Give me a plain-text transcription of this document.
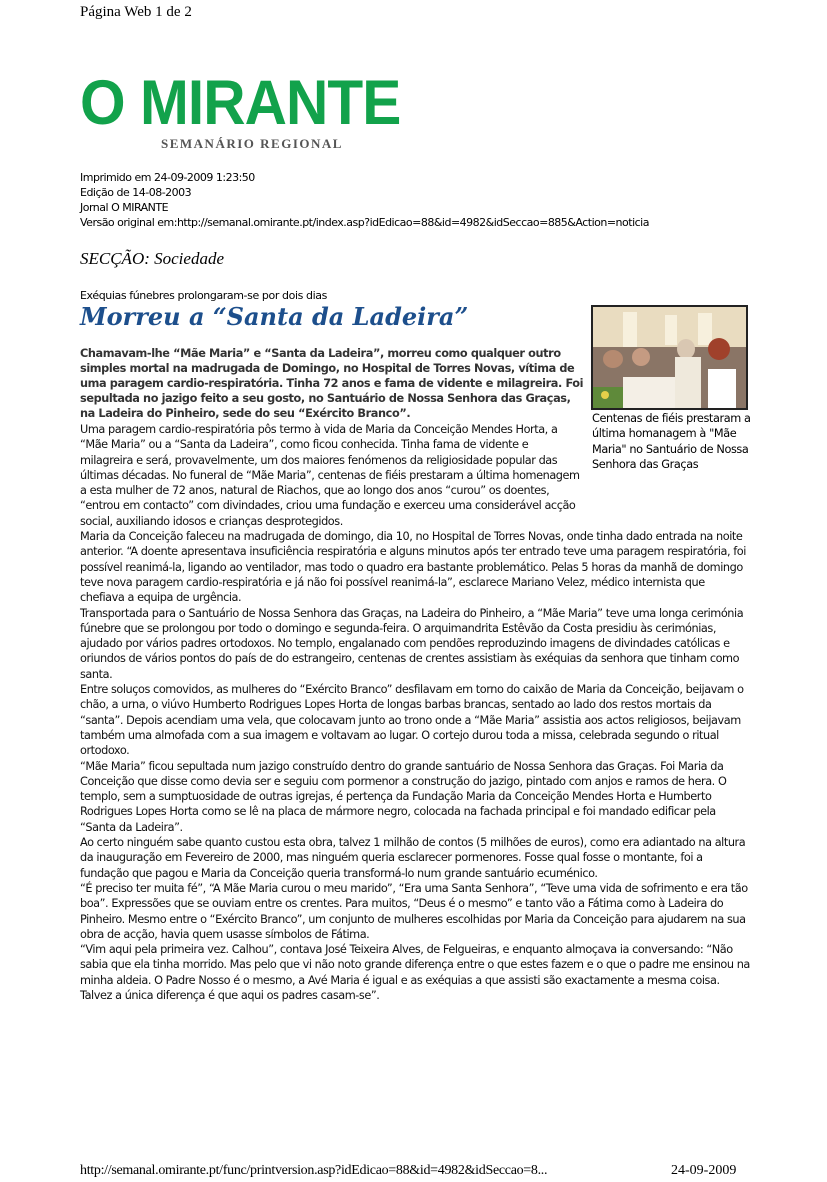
Página Web 1 de 2
O MIRANTE
SEMANÁRIO REGIONAL
Imprimido em 24-09-2009 1:23:50
Edição de 14-08-2003
Jornal O MIRANTE
Versão original em:http://semanal.omirante.pt/index.asp?idEdicao=88&id=4982&idSeccao=885&Action=noticia
SECÇÃO: Sociedade
Exéquias fúnebres prolongaram-se por dois dias
Morreu a “Santa da Ladeira”
Chamavam-lhe “Mãe Maria” e “Santa da Ladeira”, morreu como qualquer outro simples mortal na madrugada de Domingo, no Hospital de Torres Novas, vítima de uma paragem cardio-respiratória. Tinha 72 anos e fama de vidente e milagreira. Foi sepultada no jazigo feito a seu gosto, no Santuário de Nossa Senhora das Graças, na Ladeira do Pinheiro, sede do seu “Exército Branco”.	Centenas de fiéis prestaram a última homanagem à "Mãe Maria" no Santuário de Nossa Senhora das Graças

Uma paragem cardio-respiratória pôs termo à vida de Maria da Conceição Mendes Horta, a “Mãe Maria” ou a “Santa da Ladeira”, como ficou conhecida. Tinha fama de vidente e milagreira e será, provavelmente, um dos maiores fenómenos da religiosidade popular das últimas décadas. No funeral de “Mãe Maria”, centenas de fiéis prestaram a última homenagem a esta mulher de 72 anos, natural de Riachos, que ao longo dos anos “curou” os doentes, “entrou em contacto” com divindades, criou uma fundação e exerceu uma considerável acção social, auxiliando idosos e crianças desprotegidos.

Maria da Conceição faleceu na madrugada de domingo, dia 10, no Hospital de Torres Novas, onde tinha dado entrada na noite anterior. “A doente apresentava insuficiência respiratória e alguns minutos após ter entrado teve uma paragem respiratória, foi possível reanimá-la, ligando ao ventilador, mas todo o quadro era bastante problemático. Pelas 5 horas da manhã de domingo teve nova paragem cardio-respiratória e já não foi possível reanimá-la”, esclarece Mariano Velez, médico internista que chefiava a equipa de urgência.

Transportada para o Santuário de Nossa Senhora das Graças, na Ladeira do Pinheiro, a “Mãe Maria” teve uma longa cerimónia fúnebre que se prolongou por todo o domingo e segunda-feira. O arquimandrita Estêvão da Costa presidiu às cerimónias, ajudado por vários padres ortodoxos. No templo, engalanado com pendões reproduzindo imagens de divindades católicas e oriundos de vários pontos do país de do estrangeiro, centenas de crentes assistiam às exéquias da senhora que tinham como santa.

Entre soluços comovidos, as mulheres do “Exército Branco” desfilavam em torno do caixão de Maria da Conceição, beijavam o chão, a urna, o viúvo Humberto Rodrigues Lopes Horta de longas barbas brancas, sentado ao lado dos restos mortais da “santa”. Depois acendiam uma vela, que colocavam junto ao trono onde a “Mãe Maria” assistia aos actos religiosos, beijavam também uma almofada com a sua imagem e voltavam ao lugar. O cortejo durou toda a missa, celebrada segundo o ritual ortodoxo.

“Mãe Maria” ficou sepultada num jazigo construído dentro do grande santuário de Nossa Senhora das Graças. Foi Maria da Conceição que disse como devia ser e seguiu com pormenor a construção do jazigo, pintado com anjos e ramos de hera. O templo, sem a sumptuosidade de outras igrejas, é pertença da Fundação Maria da Conceição Mendes Horta e Humberto Rodrigues Lopes Horta como se lê na placa de mármore negro, colocada na fachada principal e foi mandado edificar pela “Santa da Ladeira”.

Ao certo ninguém sabe quanto custou esta obra, talvez 1 milhão de contos (5 milhões de euros), como era adiantado na altura da inauguração em Fevereiro de 2000, mas ninguém queria esclarecer pormenores. Fosse qual fosse o montante, foi a fundação que pagou e Maria da Conceição queria transformá-lo num grande santuário ecuménico.

“É preciso ter muita fé”, “A Mãe Maria curou o meu marido”, “Era uma Santa Senhora”, “Teve uma vida de sofrimento e era tão boa”. Expressões que se ouviam entre os crentes. Para muitos, “Deus é o mesmo” e tanto vão a Fátima como à Ladeira do Pinheiro. Mesmo entre o “Exército Branco”, um conjunto de mulheres escolhidas por Maria da Conceição para ajudarem na sua obra de acção, havia quem usasse símbolos de Fátima.

“Vim aqui pela primeira vez. Calhou”, contava José Teixeira Alves, de Felgueiras, e enquanto almoçava ia conversando: “Não sabia que ela tinha morrido. Mas pelo que vi não noto grande diferença entre o que estes fazem e o que o padre me ensinou na minha aldeia. O Padre Nosso é o mesmo, a Avé Maria é igual e as exéquias a que assisti são exactamente a mesma coisa. Talvez a única diferença é que aqui os padres casam-se”.

http://semanal.omirante.pt/func/printversion.asp?idEdicao=88&id=4982&idSeccao=8...	24-09-2009
